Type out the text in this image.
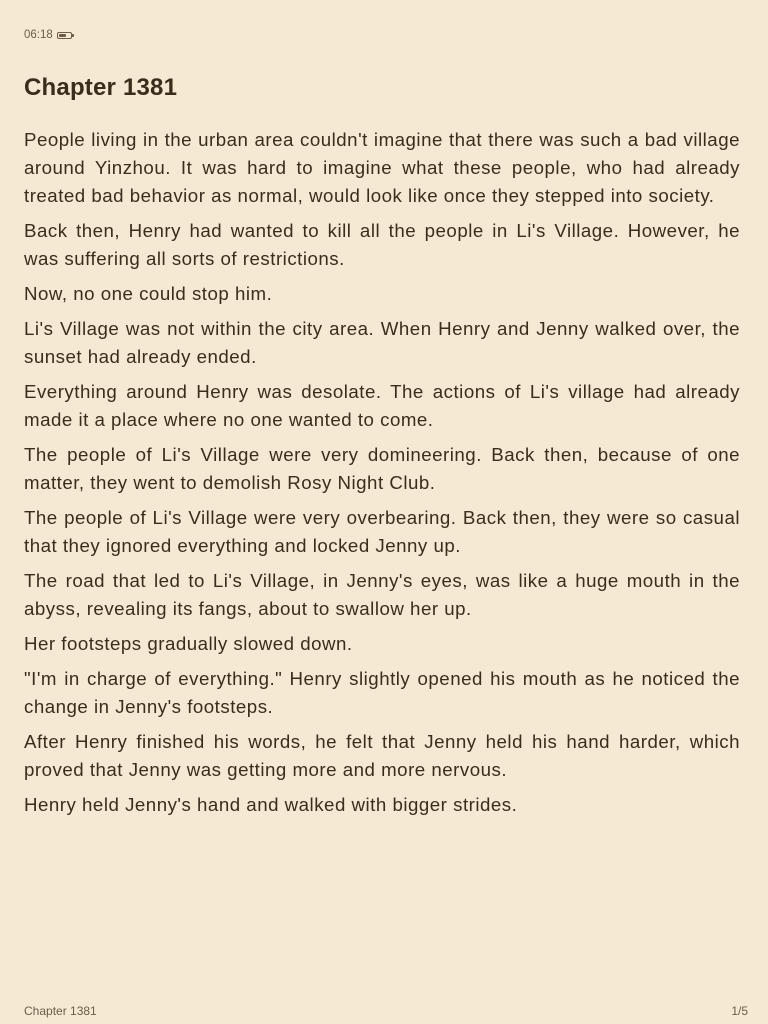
06:18
Chapter 1381

People living in the urban area couldn't imagine that there was such a bad village around Yinzhou. It was hard to imagine what these people, who had already treated bad behavior as normal, would look like once they stepped into society.

Back then, Henry had wanted to kill all the people in Li's Village. However, he was suffering all sorts of restrictions.

Now, no one could stop him.

Li's Village was not within the city area. When Henry and Jenny walked over, the sunset had already ended.

Everything around Henry was desolate. The actions of Li's village had already made it a place where no one wanted to come.

The people of Li's Village were very domineering. Back then, because of one matter, they went to demolish Rosy Night Club.

The people of Li's Village were very overbearing. Back then, they were so casual that they ignored everything and locked Jenny up.

The road that led to Li's Village, in Jenny's eyes, was like a huge mouth in the abyss, revealing its fangs, about to swallow her up.

Her footsteps gradually slowed down.

"I'm in charge of everything." Henry slightly opened his mouth as he noticed the change in Jenny's footsteps.

After Henry finished his words, he felt that Jenny held his hand harder, which proved that Jenny was getting more and more nervous.

Henry held Jenny's hand and walked with bigger strides.

Chapter 1381	1/5
